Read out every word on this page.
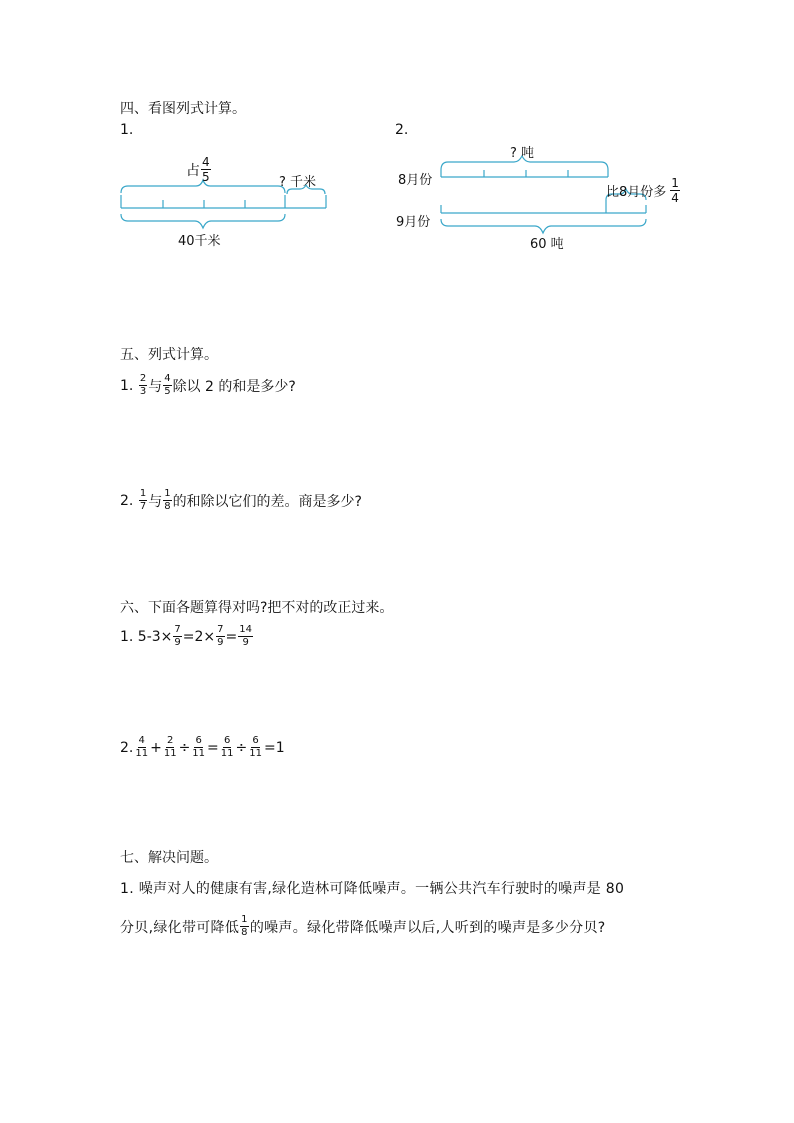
四、看图列式计算。
1.	2.
占 $\frac{4}{5}$	? 千米
40千米
? 吨
8月份
9月份
比8月份多 $\frac{1}{4}$
60 吨
五、列式计算。
1.
$\frac{2}{3}$ 与 $\frac{4}{5}$ 除以 2 的和是多少?
2.
$\frac{1}{7}$ 与 $\frac{1}{8}$ 的和除以它们的差。商是多少?
六、下面各题算得对吗?把不对的改正过来。
1. $5-3\times \frac{7}{9} =2\times \frac{7}{9} = \frac{14}{9}$
2. $\frac{4}{11} + \frac{2}{11} \div \frac{6}{11} = \frac{6}{11} \div \frac{6}{11} =1$
七、解决问题。
1. 噪声对人的健康有害,绿化造林可降低噪声。一辆公共汽车行驶时的噪声是 80
分贝,绿化带可降低 $\frac{1}{8}$ 的噪声。绿化带降低噪声以后,人听到的噪声是多少分贝?
